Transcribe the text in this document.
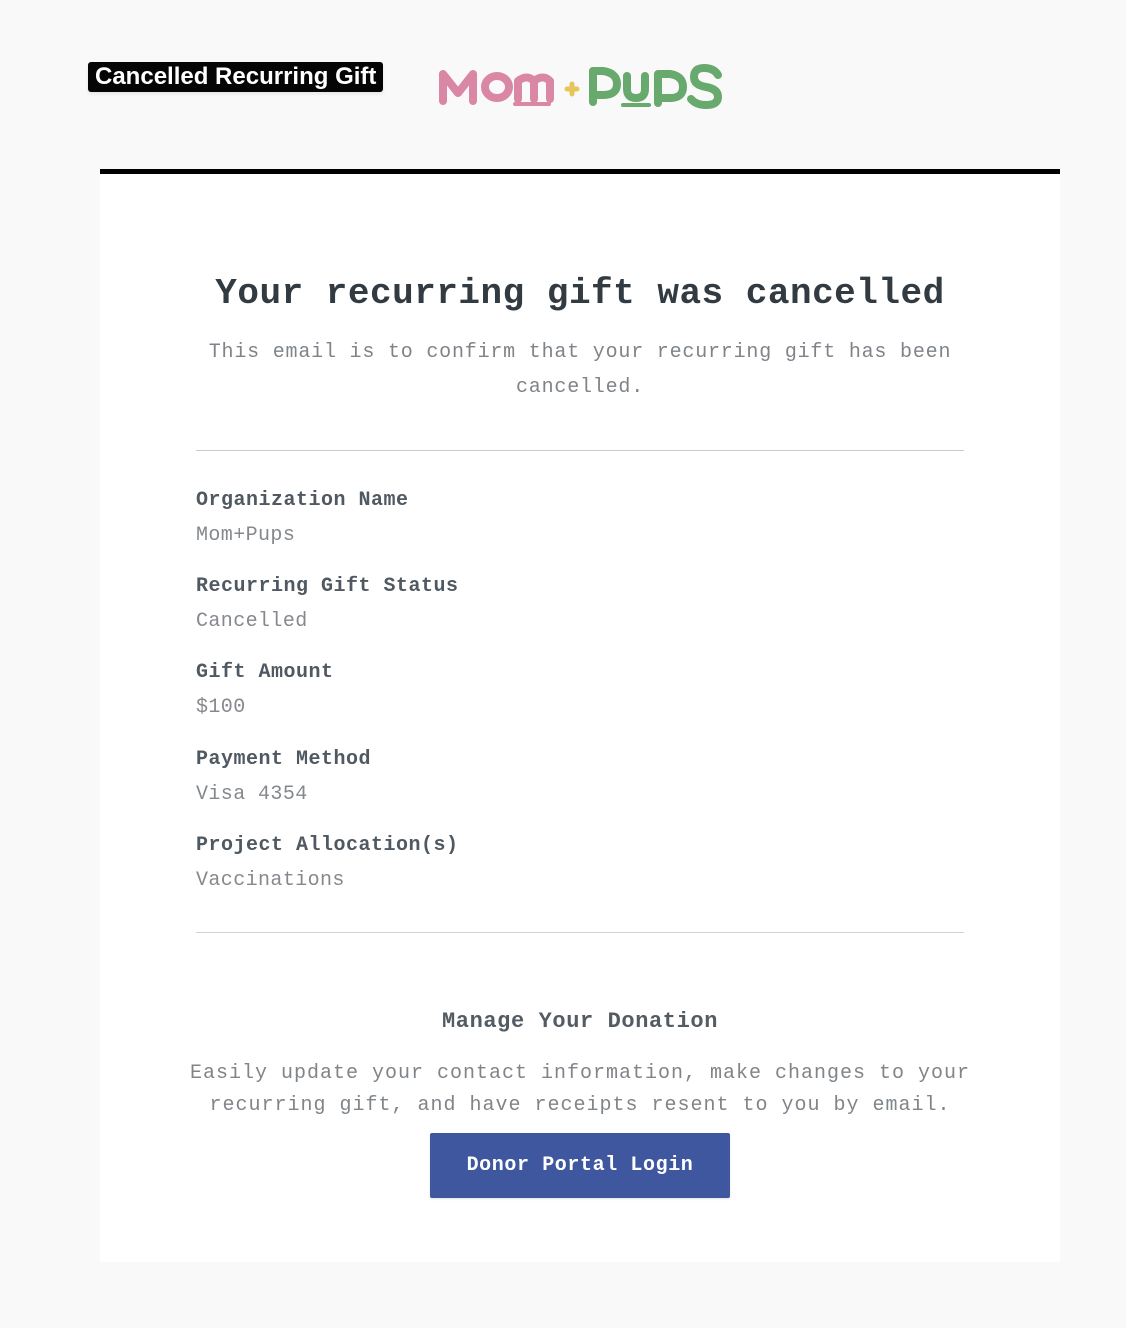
Cancelled Recurring Gift
Your recurring gift was cancelled

This email is to confirm that your recurring gift has been cancelled.

Organization Name
Mom+Pups
Recurring Gift Status
Cancelled
Gift Amount
$100
Payment Method
Visa 4354
Project Allocation(s)
Vaccinations
Manage Your Donation

Easily update your contact information, make changes to your recurring gift, and have receipts resent to you by email.

Donor Portal Login
